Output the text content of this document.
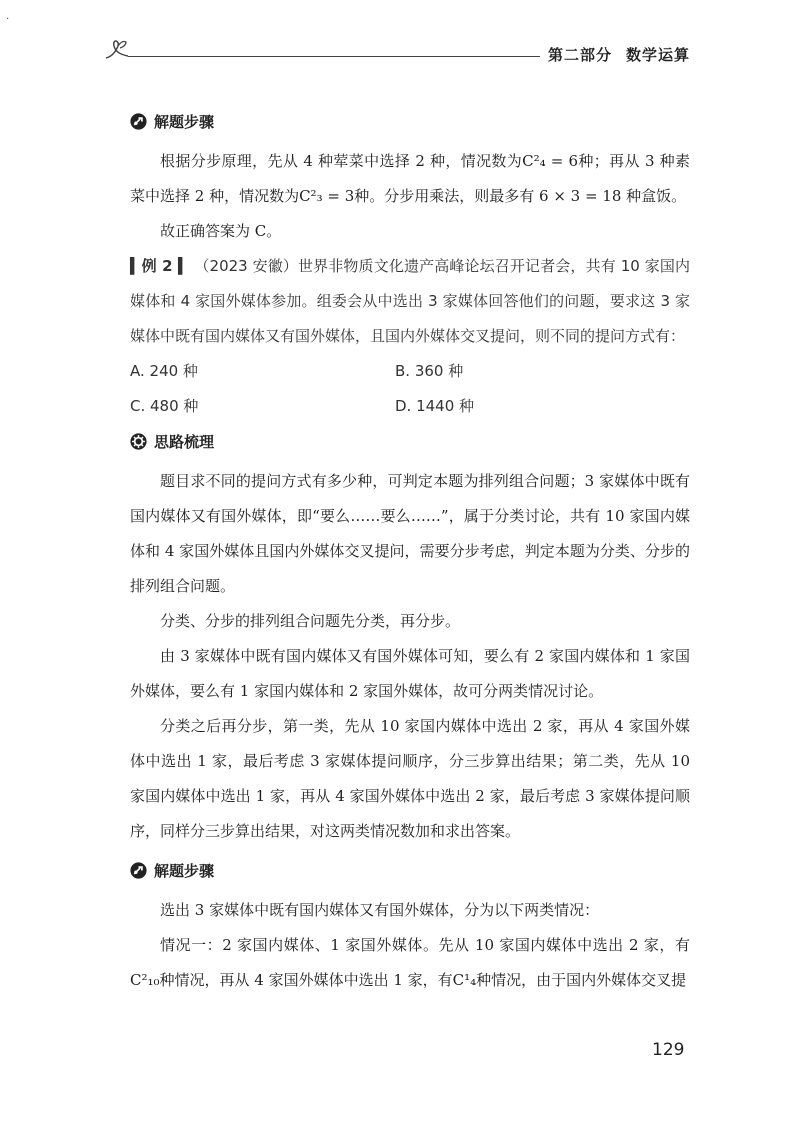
·
第二部分 数学运算
解题步骤

根据分步原理，先从 4 种荤菜中选择 2 种，情况数为C²₄ = 6种；再从 3 种素菜中选择 2 种，情况数为C²₃ = 3种。分步用乘法，则最多有 6 × 3 = 18 种盒饭。

故正确答案为 C。

▍例 2 ▍ （2023 安徽）世界非物质文化遗产高峰论坛召开记者会，共有 10 家国内媒体和 4 家国外媒体参加。组委会从中选出 3 家媒体回答他们的问题，要求这 3 家媒体中既有国内媒体又有国外媒体，且国内外媒体交叉提问，则不同的提问方式有：

A. 240 种	B. 360 种
C. 480 种	D. 1440 种
思路梳理

题目求不同的提问方式有多少种，可判定本题为排列组合问题；3 家媒体中既有国内媒体又有国外媒体，即“要么……要么……”，属于分类讨论，共有 10 家国内媒体和 4 家国外媒体且国内外媒体交叉提问，需要分步考虑，判定本题为分类、分步的排列组合问题。

分类、分步的排列组合问题先分类，再分步。

由 3 家媒体中既有国内媒体又有国外媒体可知，要么有 2 家国内媒体和 1 家国外媒体，要么有 1 家国内媒体和 2 家国外媒体，故可分两类情况讨论。

分类之后再分步，第一类，先从 10 家国内媒体中选出 2 家，再从 4 家国外媒体中选出 1 家，最后考虑 3 家媒体提问顺序，分三步算出结果；第二类，先从 10 家国内媒体中选出 1 家，再从 4 家国外媒体中选出 2 家，最后考虑 3 家媒体提问顺序，同样分三步算出结果，对这两类情况数加和求出答案。

解题步骤

选出 3 家媒体中既有国内媒体又有国外媒体，分为以下两类情况：

情况一：2 家国内媒体、1 家国外媒体。先从 10 家国内媒体中选出 2 家，有C²₁₀种情况，再从 4 家国外媒体中选出 1 家，有C¹₄种情况，由于国内外媒体交叉提

129
